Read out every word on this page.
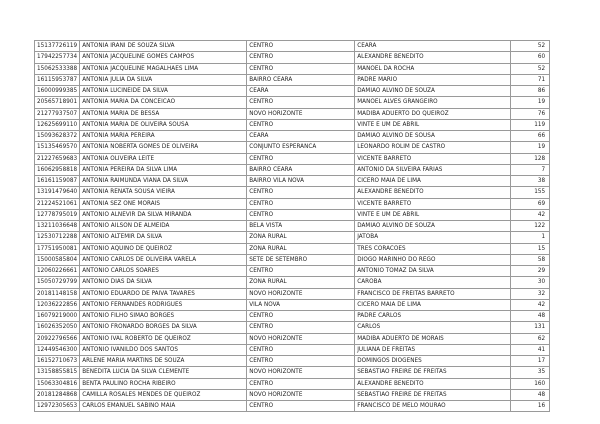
15137726119	ANTONIA IRANI DE SOUZA SILVA	CENTRO	CEARA	52
17942257734	ANTONIA JACQUELINE GOMES CAMPOS	CENTRO	ALEXANDRE BENEDITO	60
15062533388	ANTONIA JACQUELINE MAGALHAES LIMA	CENTRO	MANOEL DA ROCHA	52
16115953787	ANTONIA JULIA DA SILVA	BAIRRO CEARA	PADRE MARIO	71
16000999385	ANTONIA LUCINEIDE DA SILVA	CEARA	DAMIAO ALVINO DE SOUZA	86
20565718901	ANTONIA MARIA DA CONCEICAO	CENTRO	MANOEL ALVES GRANGEIRO	19
21277937507	ANTONIA MARIA DE BESSA	NOVO HORIZONTE	MADIBA ADUERTO DO QUEIROZ	76
12625699110	ANTONIA MARIA DE OLIVEIRA SOUSA	CENTRO	VINTE E UM DE ABRIL	119
15093628372	ANTONIA MARIA PEREIRA	CEARA	DAMIAO ALVINO DE SOUSA	66
15135469570	ANTONIA NOBERTA GOMES DE OLIVEIRA	CONJUNTO ESPERANCA	LEONARDO ROLIM DE CASTRO	19
21227659683	ANTONIA OLIVEIRA LEITE	CENTRO	VICENTE BARRETO	128
16062958818	ANTONIA PEREIRA DA SILVA LIMA	BAIRRO CEARA	ANTONIO DA SILVEIRA FARIAS	7
16161159087	ANTONIA RAIMUNDA VIANA DA SILVA	BAIRRO VILA NOVA	CICERO MAIA DE LIMA	38
13191479640	ANTONIA RENATA SOUSA VIEIRA	CENTRO	ALEXANDRE BENEDITO	155
21224521061	ANTONIA SEZ ONE MORAIS	CENTRO	VICENTE BARRETO	69
12778795019	ANTONIO ALNEVIR DA SILVA MIRANDA	CENTRO	VINTE E UM DE ABRIL	42
13211036648	ANTONIO AILSON DE ALMEIDA	BELA VISTA	DAMIAO ALVINO DE SOUZA	122
12530712288	ANTONIO ALTEMIR DA SILVA	ZONA RURAL	JATOBA	1
17751950081	ANTONIO AQUINO DE QUEIROZ	ZONA RURAL	TRES CORACOES	15
15000585804	ANTONIO CARLOS DE OLIVEIRA VARELA	SETE DE SETEMBRO	DIOGO MARINHO DO REGO	58
12060226661	ANTONIO CARLOS SOARES	CENTRO	ANTONIO TOMAZ DA SILVA	29
15050729799	ANTONIO DIAS DA SILVA	ZONA RURAL	CAROBA	30
20181148158	ANTONIO EDUARDO DE PAIVA TAVARES	NOVO HORIZONTE	FRANCISCO DE FREITAS BARRETO	32
12036222856	ANTONIO FERNANDES RODRIGUES	VILA NOVA	CICERO MAIA DE LIMA	42
16079219000	ANTONIO FILHO SIMAO BORGES	CENTRO	PADRE CARLOS	48
16026352050	ANTONIO FRONARDO BORGES DA SILVA	CENTRO	CARLOS	131
20922796566	ANTONIO IVAL ROBERTO DE QUEIROZ	NOVO HORIZONTE	MADIBA ADUERTO DE MORAIS	62
12449546300	ANTONIO IVANILDO DOS SANTOS	CENTRO	JULIANA DE FREITAS	41
16152710673	ARLENE MARIA MARTINS DE SOUZA	CENTRO	DOMINGOS DIOGENES	17
13158855815	BENEDITA LUCIA DA SILVA CLEMENTE	NOVO HORIZONTE	SEBASTIAO FREIRE DE FREITAS	35
15063304816	BENTA PAULINO ROCHA RIBEIRO	CENTRO	ALEXANDRE BENEDITO	160
20181284868	CAMILLA ROSALES MENDES DE QUEIROZ	NOVO HORIZONTE	SEBASTIAO FREIRE DE FREITAS	48
12972305653	CARLOS EMANUEL SABINO MAIA	CENTRO	FRANCISCO DE MELO MOURAO	16
